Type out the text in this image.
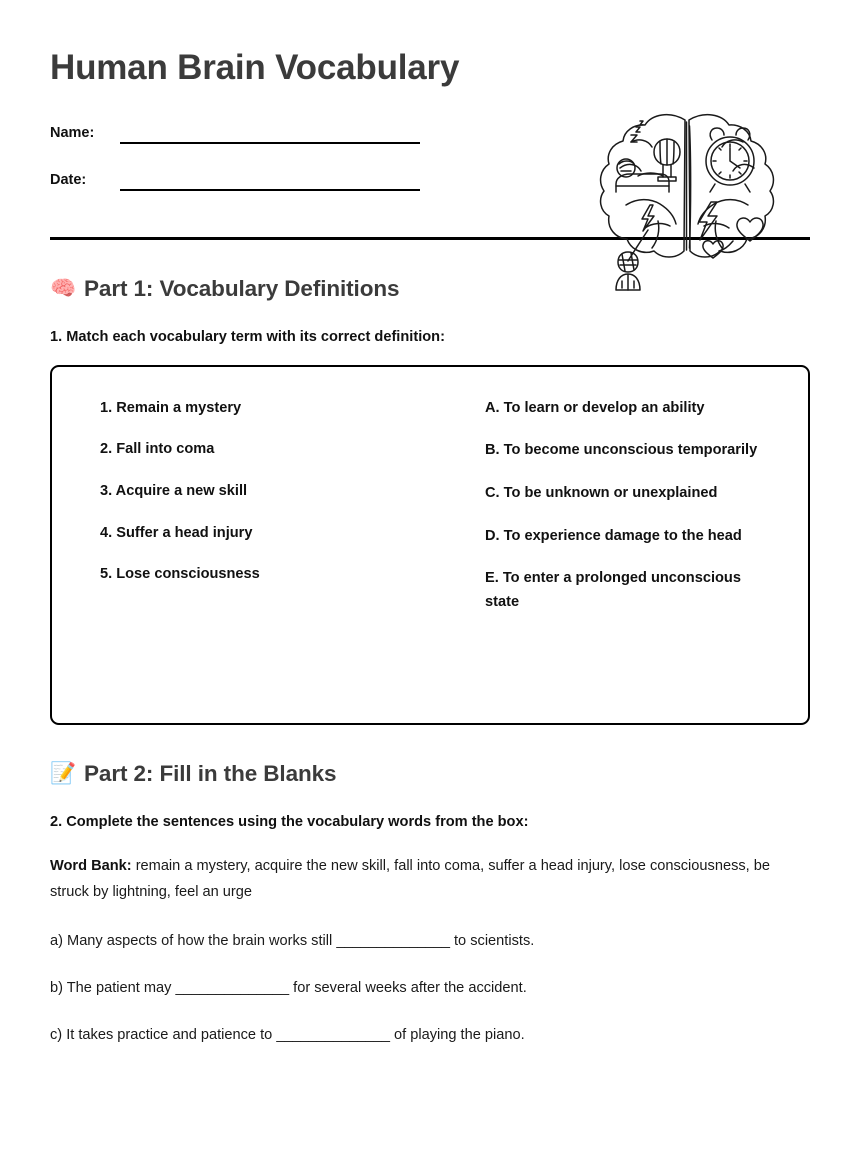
Human Brain Vocabulary
Name:
Date:
🧠 Part 1: Vocabulary Definitions
1. Match each vocabulary term with its correct definition:
1. Remain a mystery
2. Fall into coma
3. Acquire a new skill
4. Suffer a head injury
5. Lose consciousness
A. To learn or develop an ability
B. To become unconscious temporarily
C. To be unknown or unexplained
D. To experience damage to the head
E. To enter a prolonged unconscious state
📝 Part 2: Fill in the Blanks
2. Complete the sentences using the vocabulary words from the box:
Word Bank: remain a mystery, acquire the new skill, fall into coma, suffer a head injury, lose consciousness, be struck by lightning, feel an urge
a) Many aspects of how the brain works still ______________ to scientists.
b) The patient may ______________ for several weeks after the accident.
c) It takes practice and patience to ______________ of playing the piano.
